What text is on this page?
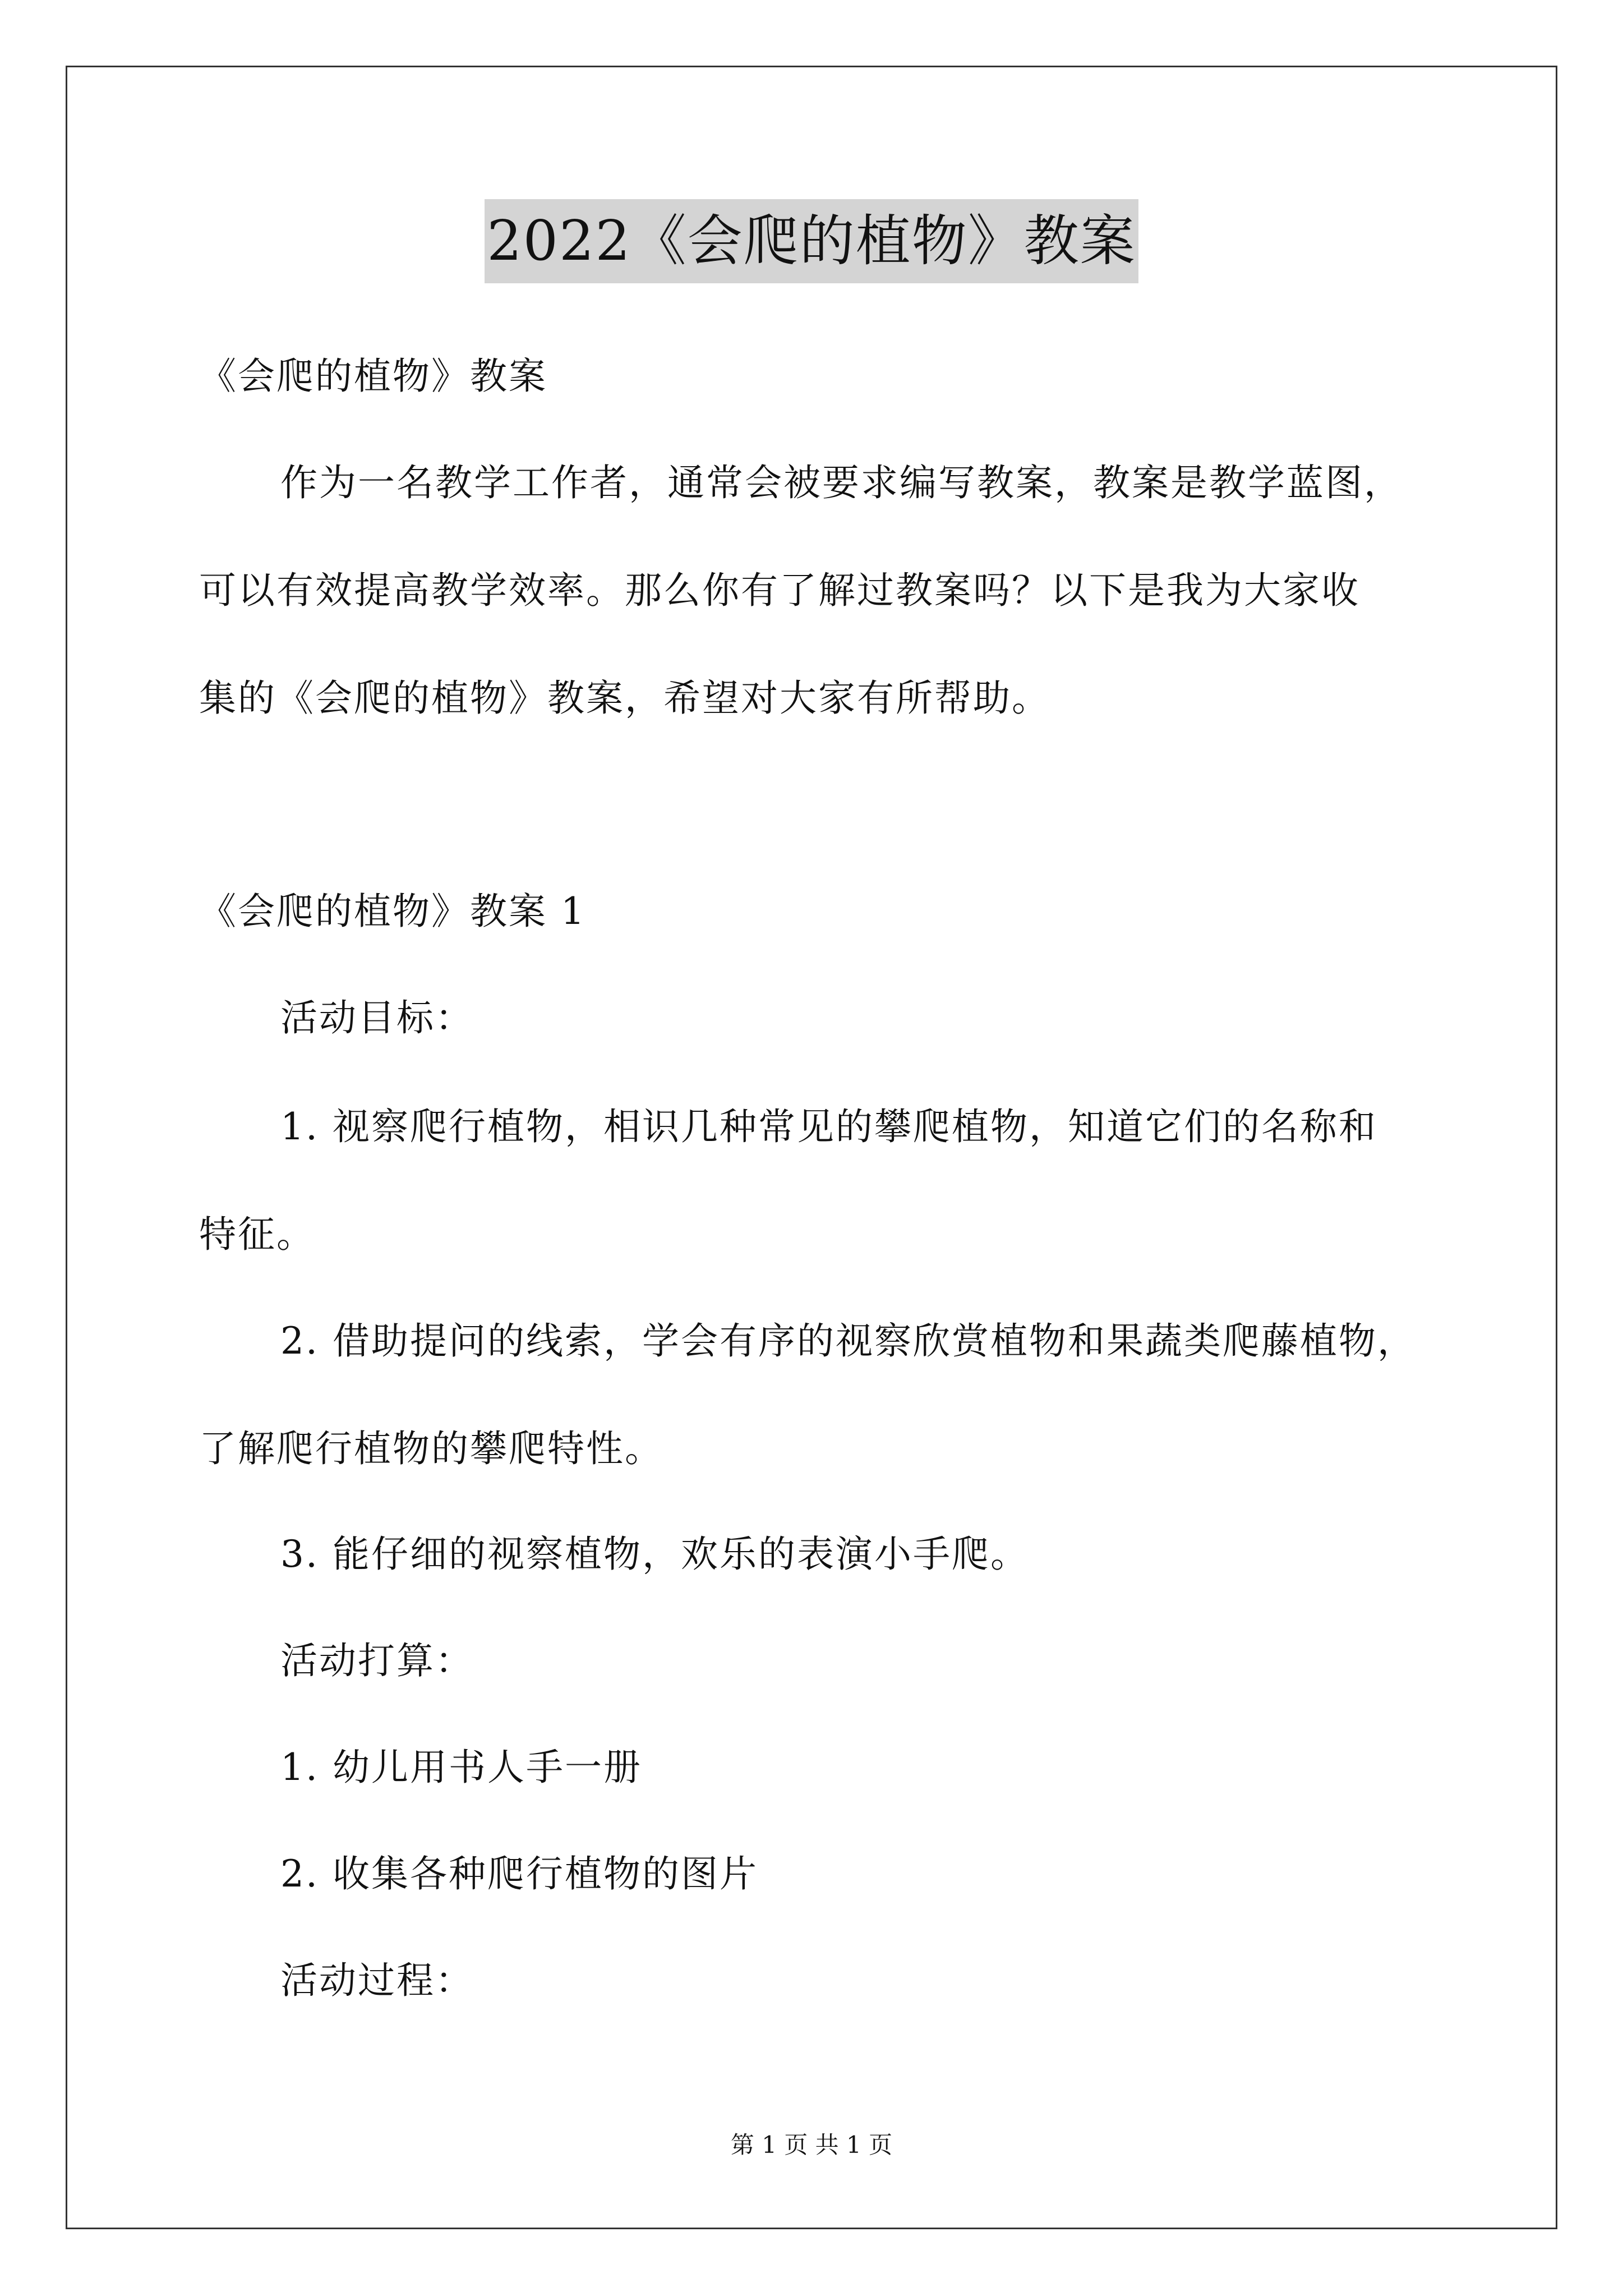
2022《会爬的植物》教案
《会爬的植物》教案
作为一名教学工作者，通常会被要求编写教案，教案是教学蓝图，
可以有效提高教学效率。那么你有了解过教案吗？以下是我为大家收
集的《会爬的植物》教案，希望对大家有所帮助。
《会爬的植物》教案 1
活动目标：
1. 视察爬行植物，相识几种常见的攀爬植物，知道它们的名称和
特征。
2. 借助提问的线索，学会有序的视察欣赏植物和果蔬类爬藤植物，
了解爬行植物的攀爬特性。
3. 能仔细的视察植物，欢乐的表演小手爬。
活动打算：
1. 幼儿用书人手一册
2. 收集各种爬行植物的图片
活动过程：
第 1 页 共 1 页
